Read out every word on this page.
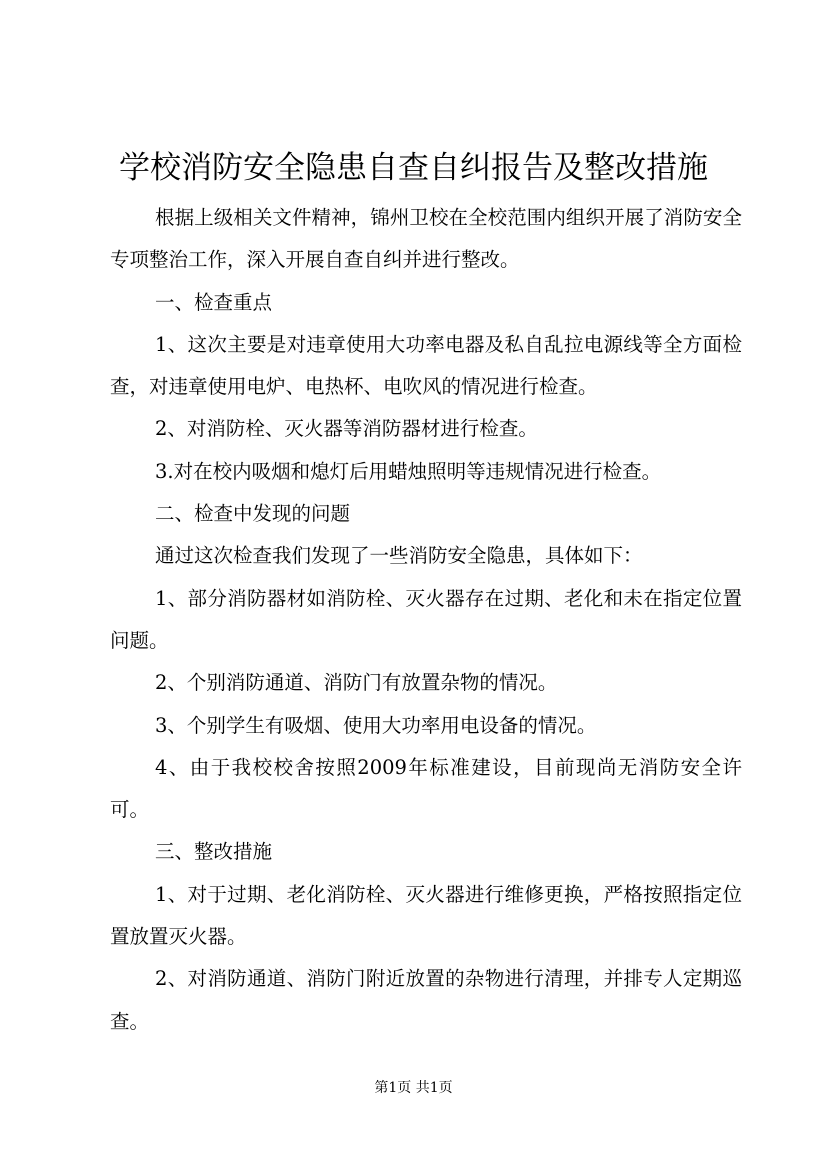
学校消防安全隐患自查自纠报告及整改措施

根据上级相关文件精神，锦州卫校在全校范围内组织开展了消防安全专项整治工作，深入开展自查自纠并进行整改。

一、检查重点

1、这次主要是对违章使用大功率电器及私自乱拉电源线等全方面检查，对违章使用电炉、电热杯、电吹风的情况进行检查。

2、对消防栓、灭火器等消防器材进行检查。

3.对在校内吸烟和熄灯后用蜡烛照明等违规情况进行检查。

二、检查中发现的问题

通过这次检查我们发现了一些消防安全隐患，具体如下：

1、部分消防器材如消防栓、灭火器存在过期、老化和未在指定位置问题。

2、个别消防通道、消防门有放置杂物的情况。

3、个别学生有吸烟、使用大功率用电设备的情况。

4、由于我校校舍按照2009年标准建设，目前现尚无消防安全许可。

三、整改措施

1、对于过期、老化消防栓、灭火器进行维修更换，严格按照指定位置放置灭火器。

2、对消防通道、消防门附近放置的杂物进行清理，并排专人定期巡查。

第1页 共1页
